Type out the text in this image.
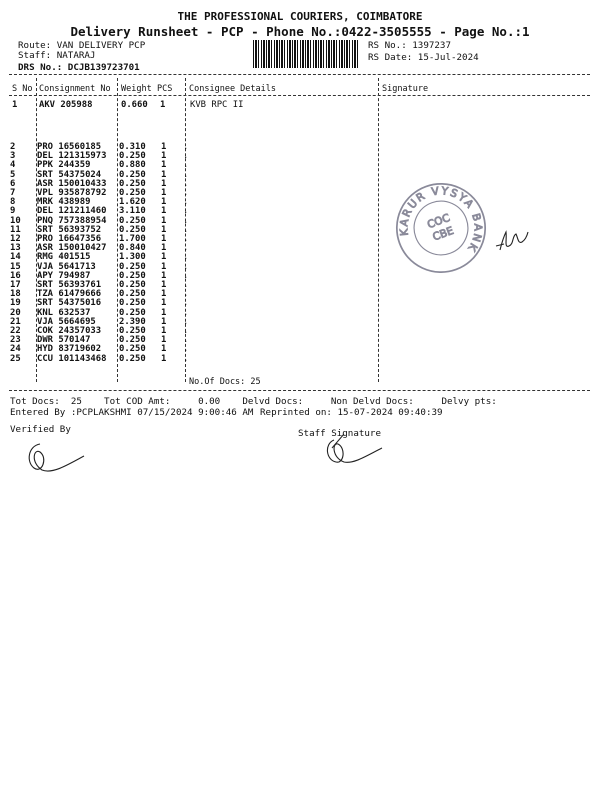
THE PROFESSIONAL COURIERS, COIMBATORE
Delivery Runsheet - PCP - Phone No.:0422-3505555 - Page No.:1
Route: VAN DELIVERY PCP
Staff: NATARAJ
DRS No.: DCJB139723701
RS No.: 1397237
RS Date: 15-Jul-2024
S No Consignment No Weight PCS Consignee Details	Signature
1 AKV 205988	0.660 1	KVB RPC II
2	PRO 16560185	0.310	1	.
3	DEL 121315973	0.250	1	.
4	PPK 244359	0.880	1	.
5	SRT 54375024	0.250	1	.
6	ASR 150010433	0.250	1	.
7	VPL 935878792	0.250	1	.
8	MRK 438989	1.620	1	.
9	DEL 121211460	3.110	1	.
10	PNQ 757388954	0.250	1	.
11	SRT 56393752	0.250	1	.
12	PRO 16647356	1.700	1	.
13	ASR 150010427	0.840	1	.
14	RMG 401515	1.300	1	.
15	VJA 5641713	0.250	1	.
16	APY 794987	0.250	1	.
17	SRT 56393761	0.250	1	.
18	TZA 61479666	0.250	1	.
19	SRT 54375016	0.250	1	.
20	KNL 632537	0.250	1	.
21	VJA 5664695	2.390	1	.
22	COK 24357033	0.250	1	.
23	DWR 570147	0.250	1	.
24	HYD 83719602	0.250	1	.
25	CCU 101143468	0.250	1	.
No.Of Docs: 25
Tot Docs:  25    Tot COD Amt:     0.00    Delvd Docs:     Non Delvd Docs:     Delvy pts:
Entered By :PCPLAKSHMI 07/15/2024 9:00:46 AM Reprinted on: 15-07-2024 09:40:39
Verified By	Staff Signature
KARUR VYSYA BANK
COC
CBE
